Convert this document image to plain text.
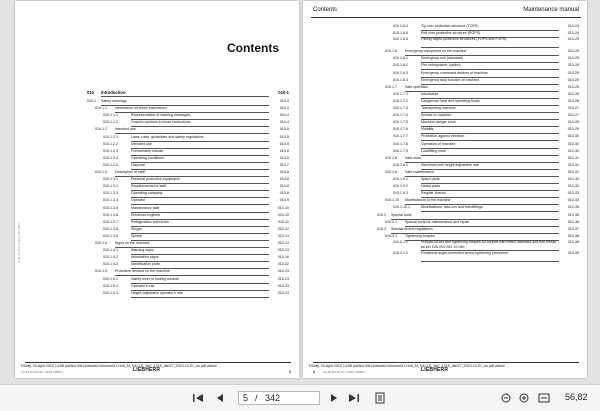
Contents
010 Introduction	010-1
010.1 Safety warnings	010-4
010.1.1 Information on these instructions	010-4
010.1.1.1	Representation of warning messages	010-4
010.1.1.2	Graphic symbols in these instructions	010-4
010.1.2 Intended use	010-5
010.1.2.1	Laws, rules, guidelines and safety regulations	010-5
010.1.2.2	Intended use	010-5
010.1.2.3	Foreseeable misuse	010-6
010.1.2.4	Operating conditions	010-6
010.1.2.5	Disposal	010-7
010.1.3 Description of staff	010-8
010.1.3.1	Personal protective equipment	010-8
010.1.3.2	Requirements for staff	010-8
010.1.3.3	Operating company	010-8
010.1.3.4	Operator	010-9
010.1.3.5	Maintenance staff	010-10
010.1.3.6	Electrical engineer	010-10
010.1.3.7	Refrigeration technician	010-11
010.1.3.8	Slinger	010-12
010.1.3.9	Spotter	010-13
010.1.4 Signs on the machine	010-13
010.1.4.1	Warning signs	010-13
010.1.4.2	Information signs	010-16
010.1.4.3	Identification plate	010-22
010.1.5 Protective devices on the machine	010-23
010.1.5.1	Safety lever or folding console	010-23
010.1.5.2	Operator's cab	010-23
010.1.5.3	Height-adjustable operator's cab	010-23
LH40_M_G6.0-D_4kV_1215_68077
Friday, 03.April 2020 13:56 printed this protected document LH40_M_G6.0-D_4kV_1215_68077_2019-10-31_en.pdf admin
LH 40 M Litronic / 1215 / 68077	LIEBHERR	5
Contents	Maintenance manual
010.1.6.4	Tip over protective structure (TOPS)	010-24
010.1.6.5	Roll over protective structure (ROPS)	010-24
010.1.6.6	Falling object protective structures (FOPS and FGPS)	010-25
010.1.6 Emergency equipment on the machine	010-25
010.1.6.1	Emergency exit (standard)	010-25
010.1.6.2	Fire extinguisher (option)	010-26
010.1.6.3	Emergency command devices of machine	010-25
010.1.6.4	Emergency stop function of machine	010-26
010.1.7 Safe operation	010-26
010.1.7.1	Intoxicants	010-26
010.1.7.2	Dangerous fuels and operating fluids	010-26
010.1.7.3	Transporting machine	010-27
010.1.7.4	Access to machine	010-27
010.1.7.5	Machine danger zone	010-28
010.1.7.6	Visibility	010-29
010.1.7.7	Protection against vibration	010-30
010.1.7.8	Operation of machine	010-30
010.1.7.9	Loadlifting work	010-30
010.1.8 Safe work	010-31
010.1.8.1	Machines with height adjustable cab	010-31
010.1.9 Safe maintenance	010-31
010.1.9.1	Spare parts	010-32
010.1.9.2	Heavy parts	010-32
010.1.9.3	Regular checks	010-33
010.1.10 Modifications to the machine	010-35
010.1.10.1	Modifications, add-ons and retrofittings	010-35
010.2 Special tools	010-36
010.2.1 Special tools for maintenance and repair	010-36
010.3 Standards and regulations	010-37
010.3.1 Tightening torques	010-38
010.3.1.1	Preload forces and tightening torques for screws with metric standard and fine thread as per DIN ISO 261 10-049
010-38
010.3.1.2	Rotational angle-controlled screw tightening procedure	010-45
Friday, 03.April 2020 13:56 printed this protected document LH40_M_G6.0-D_4kV_1215_68077_2019-10-31_en.pdf admin
LH 40 M Litronic / 1215 / 68077
6	LIEBHERR
5 / 342	56,82
